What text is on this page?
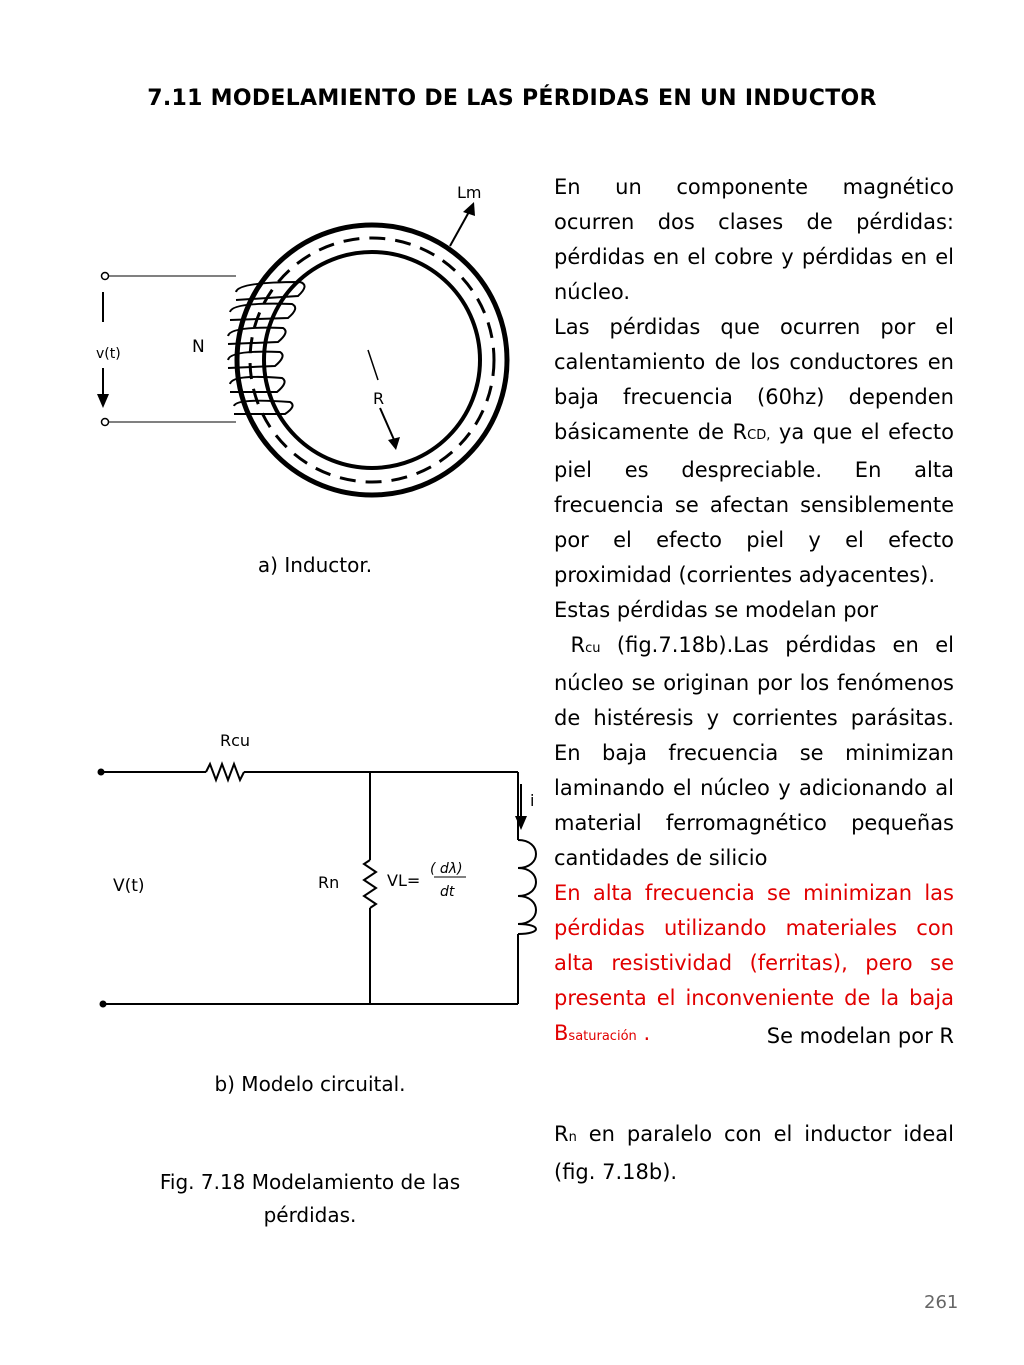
7.11 MODELAMIENTO DE LAS PÉRDIDAS EN UN INDUCTOR
Lm
N
v(t)
R
Rcu
V(t)	Rn	VL=
( dλ)
dt
i
a) Inductor.
b) Modelo circuital.
Fig. 7.18 Modelamiento de las
pérdidas.

En un componente magnético ocurren dos clases de pérdidas: pérdidas en el cobre y pérdidas en el núcleo.

Las pérdidas que ocurren por el calentamiento de los conductores en baja frecuencia (60hz) dependen básicamente de RCD, ya que el efecto piel es despreciable. En alta frecuencia se afectan sensiblemente por el efecto piel y el efecto proximidad (corrientes adyacentes).

Estas pérdidas se modelan por
Rcu (fig.7.18b).Las pérdidas en el núcleo se originan por los fenómenos de histéresis y corrientes parásitas. En baja frecuencia se minimizan laminando el núcleo y adicionando al material ferromagnético pequeñas cantidades de silicio

En alta frecuencia se minimizan las pérdidas utilizando materiales con alta resistividad (ferritas), pero se presenta el inconveniente de la baja Bsaturación .	Se modelan por R

Rn en paralelo con el inductor ideal (fig. 7.18b).

261
